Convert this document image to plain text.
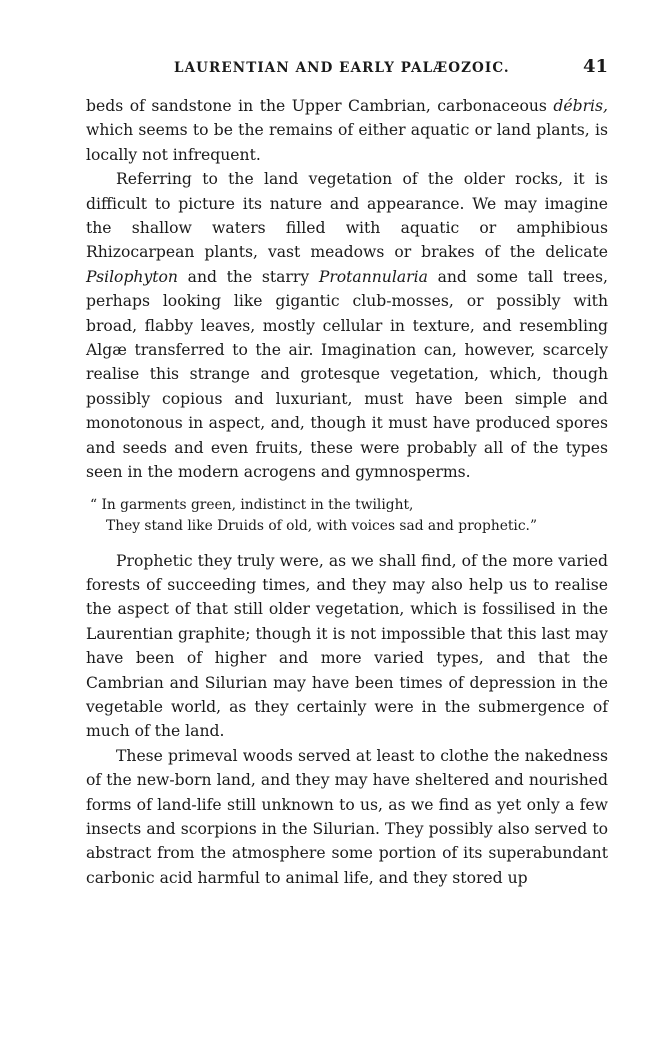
LAURENTIAN AND EARLY PALÆOZOIC.	41

beds of sandstone in the Upper Cambrian, carbonaceous débris, which seems to be the remains of either aquatic or land plants, is locally not infrequent.

Referring to the land vegetation of the older rocks, it is difficult to picture its nature and appearance. We may imagine the shallow waters filled with aquatic or amphibious Rhizocarpean plants, vast meadows or brakes of the delicate Psilophyton and the starry Protannularia and some tall trees, perhaps looking like gigantic club-mosses, or possibly with broad, flabby leaves, mostly cellular in texture, and resembling Algæ transferred to the air. Imagination can, however, scarcely realise this strange and grotesque vegetation, which, though possibly copious and luxuriant, must have been simple and monotonous in aspect, and, though it must have produced spores and seeds and even fruits, these were probably all of the types seen in the modern acrogens and gymnosperms.

“ In garments green, indistinct in the twilight,
They stand like Druids of old, with voices sad and prophetic.”

Prophetic they truly were, as we shall find, of the more varied forests of succeeding times, and they may also help us to realise the aspect of that still older vegetation, which is fossilised in the Laurentian graphite; though it is not impossible that this last may have been of higher and more varied types, and that the Cambrian and Silurian may have been times of depression in the vegetable world, as they certainly were in the submergence of much of the land.

These primeval woods served at least to clothe the nakedness of the new-born land, and they may have sheltered and nourished forms of land-life still unknown to us, as we find as yet only a few insects and scorpions in the Silurian. They possibly also served to abstract from the atmosphere some portion of its superabundant carbonic acid harmful to animal life, and they stored up
